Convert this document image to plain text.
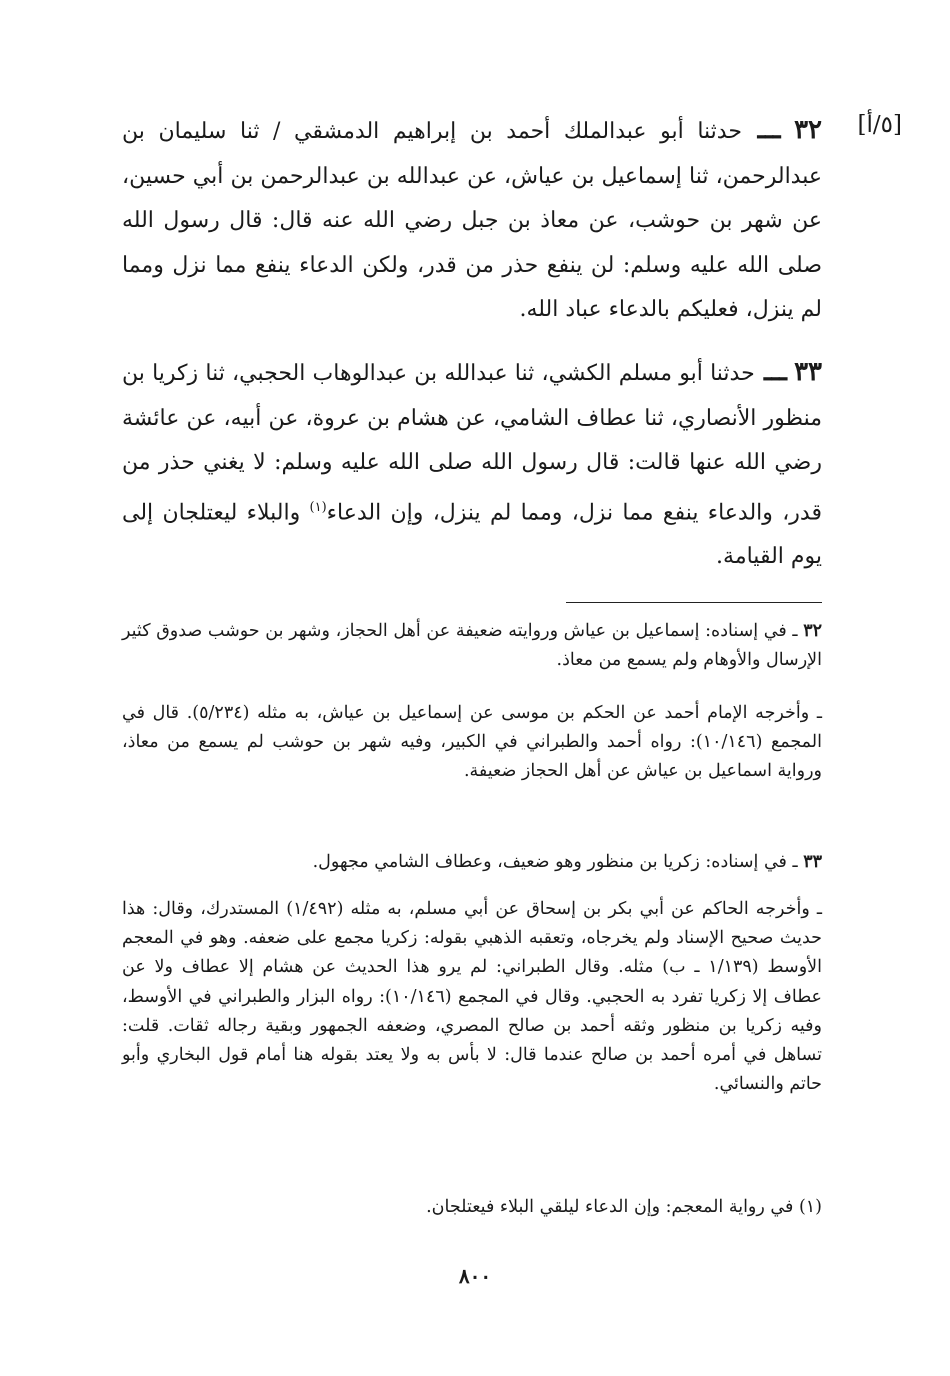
[٥/أ]

٣٢ ـــ حدثنا أبو عبدالملك أحمد بن إبراهيم الدمشقي / ثنا سليمان بن عبدالرحمن، ثنا إسماعيل بن عياش، عن عبدالله بن عبدالرحمن بن أبي حسين، عن شهر بن حوشب، عن معاذ بن جبل رضي الله عنه قال: قال رسول الله صلى الله عليه وسلم: لن ينفع حذر من قدر، ولكن الدعاء ينفع مما نزل ومما لم ينزل، فعليكم بالدعاء عباد الله.

٣٣ ـــ حدثنا أبو مسلم الكشي، ثنا عبدالله بن عبدالوهاب الحجبي، ثنا زكريا بن منظور الأنصاري، ثنا عطاف الشامي، عن هشام بن عروة، عن أبيه، عن عائشة رضي الله عنها قالت: قال رسول الله صلى الله عليه وسلم: لا يغني حذر من قدر، والدعاء ينفع مما نزل، ومما لم ينزل، وإن الدعاء$^{(١)}$ والبلاء ليعتلجان إلى يوم القيامة.

٣٢ ـ في إسناده: إسماعيل بن عياش وروايته ضعيفة عن أهل الحجاز، وشهر بن حوشب صدوق كثير الإرسال والأوهام ولم يسمع من معاذ.

ـ وأخرجه الإمام أحمد عن الحكم بن موسى عن إسماعيل بن عياش، به مثله (٥/٢٣٤). قال في المجمع (١٠/١٤٦): رواه أحمد والطبراني في الكبير، وفيه شهر بن حوشب لم يسمع من معاذ، ورواية اسماعيل بن عياش عن أهل الحجاز ضعيفة.

٣٣ ـ في إسناده: زكريا بن منظور وهو ضعيف، وعطاف الشامي مجهول.

ـ وأخرجه الحاكم عن أبي بكر بن إسحاق عن أبي مسلم، به مثله (١/٤٩٢) المستدرك، وقال: هذا حديث صحيح الإسناد ولم يخرجاه، وتعقبه الذهبي بقوله: زكريا مجمع على ضعفه. وهو في المعجم الأوسط (١/١٣٩ ـ ب) مثله. وقال الطبراني: لم يرو هذا الحديث عن هشام إلا عطاف ولا عن عطاف إلا زكريا تفرد به الحجبي. وقال في المجمع (١٠/١٤٦): رواه البزار والطبراني في الأوسط، وفيه زكريا بن منظور وثقه أحمد بن صالح المصري، وضعفه الجمهور وبقية رجاله ثقات. قلت: تساهل في أمره أحمد بن صالح عندما قال: لا بأس به ولا يعتد بقوله هنا أمام قول البخاري وأبو حاتم والنسائي.

(١) في رواية المعجم: وإن الدعاء ليلقي البلاء فيعتلجان.

٨٠٠
